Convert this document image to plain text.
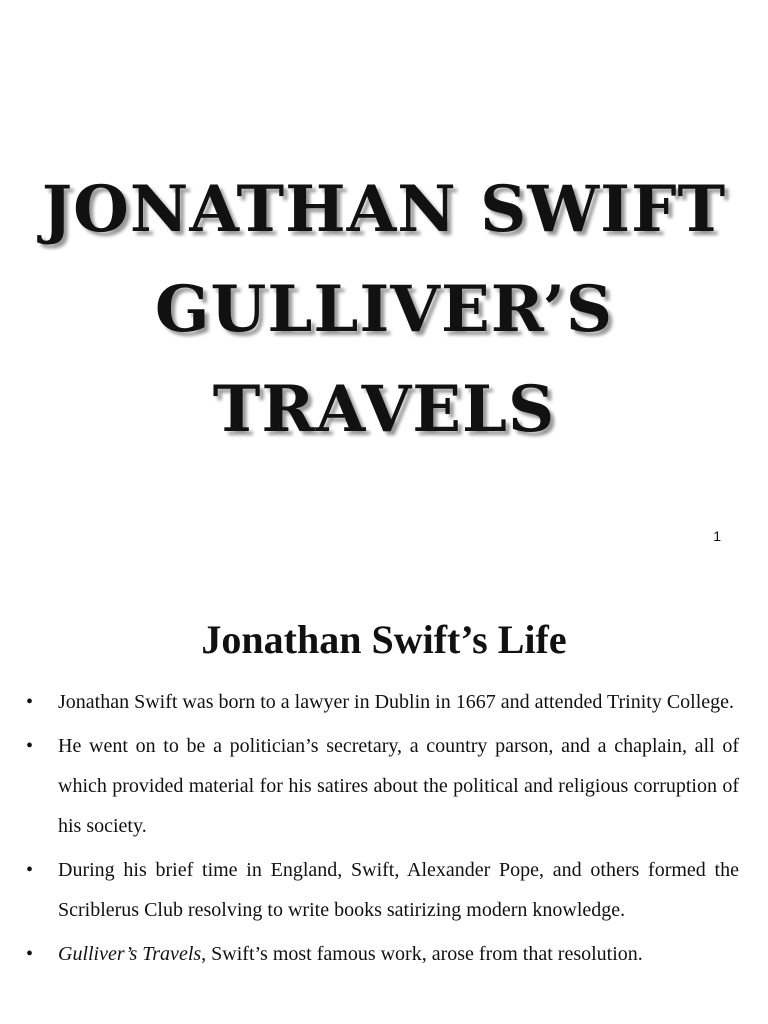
JONATHAN SWIFT
GULLIVER’S
TRAVELS
1
Jonathan Swift’s Life
•	Jonathan Swift was born to a lawyer in Dublin in 1667 and attended Trinity College.
•	He went on to be a politician’s secretary, a country parson, and a chaplain, all of which provided material for his satires about the political and religious corruption of his society.
•	During his brief time in England, Swift, Alexander Pope, and others formed the Scriblerus Club resolving to write books satirizing modern knowledge.
•	Gulliver’s Travels, Swift’s most famous work, arose from that resolution.
